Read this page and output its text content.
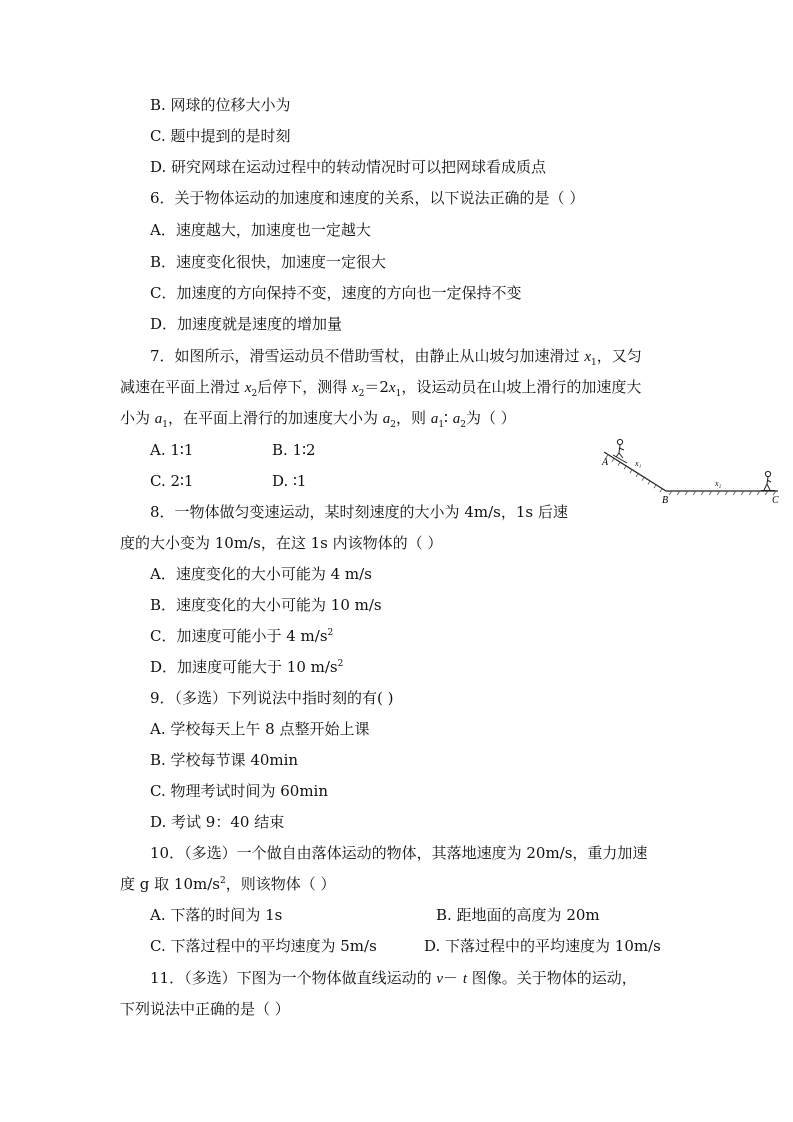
B. 网球的位移大小为
C. 题中提到的是时刻
D. 研究网球在运动过程中的转动情况时可以把网球看成质点
6．关于物体运动的加速度和速度的关系，以下说法正确的是（ ）
A．速度越大，加速度也一定越大
B．速度变化很快，加速度一定很大
C．加速度的方向保持不变，速度的方向也一定保持不变
D．加速度就是速度的增加量
7．如图所示，滑雪运动员不借助雪杖，由静止从山坡匀加速滑过 $x_1$，又匀
减速在平面上滑过 $x_2$后停下，测得 $x_2=2x_1$，设运动员在山坡上滑行的加速度大
小为 $a_1$，在平面上滑行的加速度大小为 $a_2$，则 $a_1∶$ $a_2$为（ ）
A. 1∶1	B. 1∶2
C. 2∶1	D. ∶1
A
B	C
x₁
x₂
8．一物体做匀变速运动，某时刻速度的大小为 4m/s，1s 后速
度的大小变为 10m/s，在这 1s 内该物体的（ ）
A．速度变化的大小可能为 4 m/s
B．速度变化的大小可能为 10 m/s
C．加速度可能小于 4 $m/s^2$
D．加速度可能大于 10 $m/s^2$
9．（多选）下列说法中指时刻的有( )
A. 学校每天上午 8 点整开始上课
B. 学校每节课 40min
C. 物理考试时间为 60min
D. 考试 9：40 结束
10．（多选）一个做自由落体运动的物体，其落地速度为 20m/s，重力加速
度 g 取 $10m/s^2$，则该物体（ ）
A. 下落的时间为 1s	B. 距地面的高度为 20m
C. 下落过程中的平均速度为 5m/s	D. 下落过程中的平均速度为 10m/s
11．（多选）下图为一个物体做直线运动的 v－ t 图像。关于物体的运动，
下列说法中正确的是（ ）
